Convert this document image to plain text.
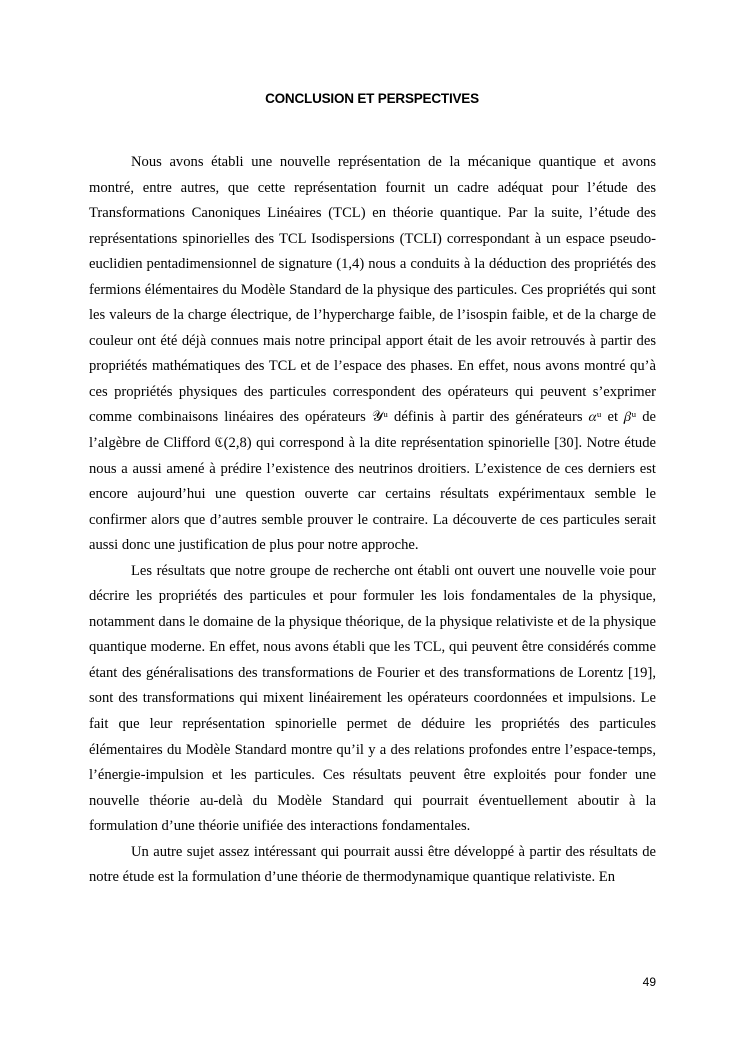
CONCLUSION ET PERSPECTIVES

Nous avons établi une nouvelle représentation de la mécanique quantique et avons montré, entre autres, que cette représentation fournit un cadre adéquat pour l’étude des Transformations Canoniques Linéaires (TCL) en théorie quantique. Par la suite, l’étude des représentations spinorielles des TCL Isodispersions (TCLI) correspondant à un espace pseudo-euclidien pentadimensionnel de signature (1,4) nous a conduits à la déduction des propriétés des fermions élémentaires du Modèle Standard de la physique des particules. Ces propriétés qui sont les valeurs de la charge électrique, de l’hypercharge faible, de l’isospin faible, et de la charge de couleur ont été déjà connues mais notre principal apport était de les avoir retrouvés à partir des propriétés mathématiques des TCL et de l’espace des phases. En effet, nous avons montré qu’à ces propriétés physiques des particules correspondent des opérateurs qui peuvent s’exprimer comme combinaisons linéaires des opérateurs 𝒴ᵘ définis à partir des générateurs 𝛼ᵘ et 𝛽ᵘ de l’algèbre de Clifford ℭ(2,8) qui correspond à la dite représentation spinorielle [30]. Notre étude nous a aussi amené à prédire l’existence des neutrinos droitiers. L’existence de ces derniers est encore aujourd’hui une question ouverte car certains résultats expérimentaux semble le confirmer alors que d’autres semble prouver le contraire. La découverte de ces particules serait aussi donc une justification de plus pour notre approche.

Les résultats que notre groupe de recherche ont établi ont ouvert une nouvelle voie pour décrire les propriétés des particules et pour formuler les lois fondamentales de la physique, notamment dans le domaine de la physique théorique, de la physique relativiste et de la physique quantique moderne. En effet, nous avons établi que les TCL, qui peuvent être considérés comme étant des généralisations des transformations de Fourier et des transformations de Lorentz [19], sont des transformations qui mixent linéairement les opérateurs coordonnées et impulsions. Le fait que leur représentation spinorielle permet de déduire les propriétés des particules élémentaires du Modèle Standard montre qu’il y a des relations profondes entre l’espace-temps, l’énergie-impulsion et les particules. Ces résultats peuvent être exploités pour fonder une nouvelle théorie au-delà du Modèle Standard qui pourrait éventuellement aboutir à la formulation d’une théorie unifiée des interactions fondamentales.

Un autre sujet assez intéressant qui pourrait aussi être développé à partir des résultats de notre étude est la formulation d’une théorie de thermodynamique quantique relativiste. En

49
